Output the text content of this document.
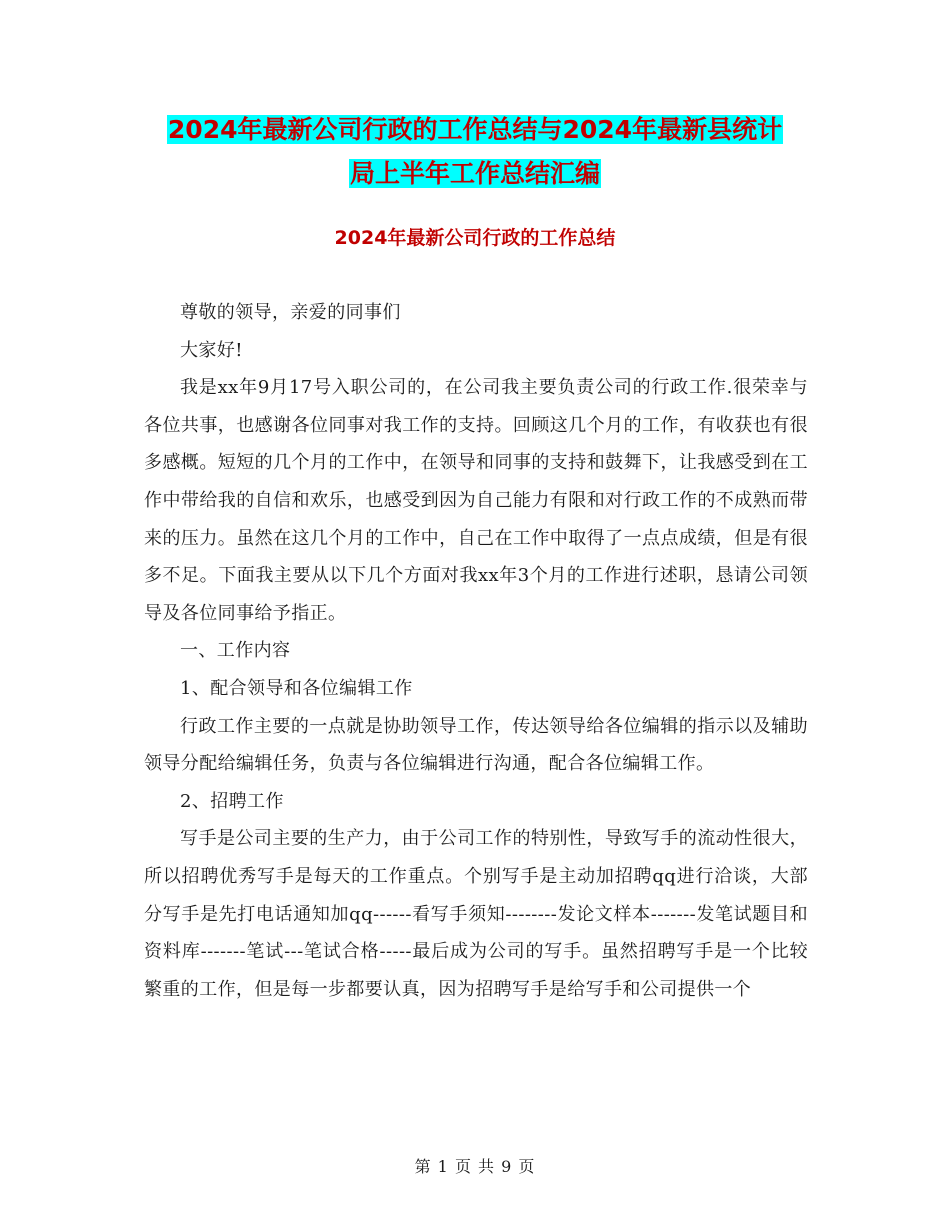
2024年最新公司行政的工作总结与2024年最新县统计
局上半年工作总结汇编
2024年最新公司行政的工作总结

尊敬的领导，亲爱的同事们

大家好!

我是xx年9月17号入职公司的，在公司我主要负责公司的行政工作.很荣幸与各位共事，也感谢各位同事对我工作的支持。回顾这几个月的工作，有收获也有很多感概。短短的几个月的工作中，在领导和同事的支持和鼓舞下，让我感受到在工作中带给我的自信和欢乐，也感受到因为自己能力有限和对行政工作的不成熟而带来的压力。虽然在这几个月的工作中，自己在工作中取得了一点点成绩，但是有很多不足。下面我主要从以下几个方面对我xx年3个月的工作进行述职，恳请公司领导及各位同事给予指正。

一、工作内容

1、配合领导和各位编辑工作

行政工作主要的一点就是协助领导工作，传达领导给各位编辑的指示以及辅助领导分配给编辑任务，负责与各位编辑进行沟通，配合各位编辑工作。

2、招聘工作

写手是公司主要的生产力，由于公司工作的特别性，导致写手的流动性很大，所以招聘优秀写手是每天的工作重点。个别写手是主动加招聘qq进行洽谈，大部分写手是先打电话通知加qq------看写手须知--------发论文样本-------发笔试题目和资料库-------笔试---笔试合格-----最后成为公司的写手。虽然招聘写手是一个比较繁重的工作，但是每一步都要认真，因为招聘写手是给写手和公司提供一个

第 1 页 共 9 页
